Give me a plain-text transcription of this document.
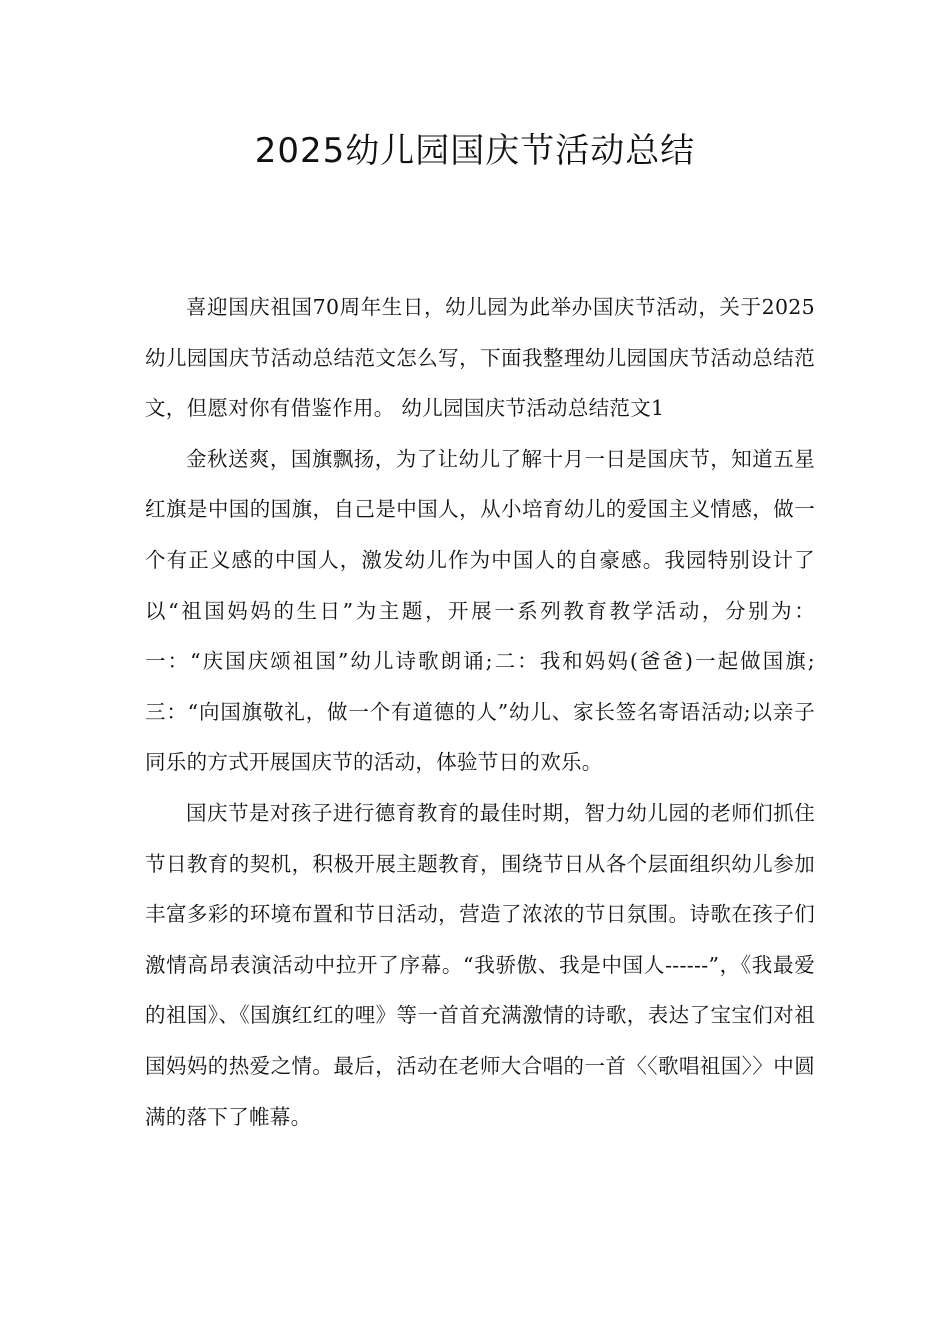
2025幼儿园国庆节活动总结

喜迎国庆祖国70周年生日，幼儿园为此举办国庆节活动，关于2025幼儿园国庆节活动总结范文怎么写，下面我整理幼儿园国庆节活动总结范文，但愿对你有借鉴作用。 幼儿园国庆节活动总结范文1

金秋送爽，国旗飘扬，为了让幼儿了解十月一日是国庆节，知道五星红旗是中国的国旗，自己是中国人，从小培育幼儿的爱国主义情感，做一个有正义感的中国人，激发幼儿作为中国人的自豪感。我园特别设计了以“祖国妈妈的生日”为主题，开展一系列教育教学活动，分别为：一：“庆国庆颂祖国”幼儿诗歌朗诵;二：我和妈妈(爸爸)一起做国旗;三：“向国旗敬礼，做一个有道德的人”幼儿、家长签名寄语活动;以亲子同乐的方式开展国庆节的活动，体验节日的欢乐。

国庆节是对孩子进行德育教育的最佳时期，智力幼儿园的老师们抓住节日教育的契机，积极开展主题教育，围绕节日从各个层面组织幼儿参加丰富多彩的环境布置和节日活动，营造了浓浓的节日氛围。诗歌在孩子们激情高昂表演活动中拉开了序幕。“我骄傲、我是中国人------”，《我最爱的祖国》、《国旗红红的哩》等一首首充满激情的诗歌，表达了宝宝们对祖国妈妈的热爱之情。最后，活动在老师大合唱的一首〈〈歌唱祖国〉〉中圆满的落下了帷幕。
